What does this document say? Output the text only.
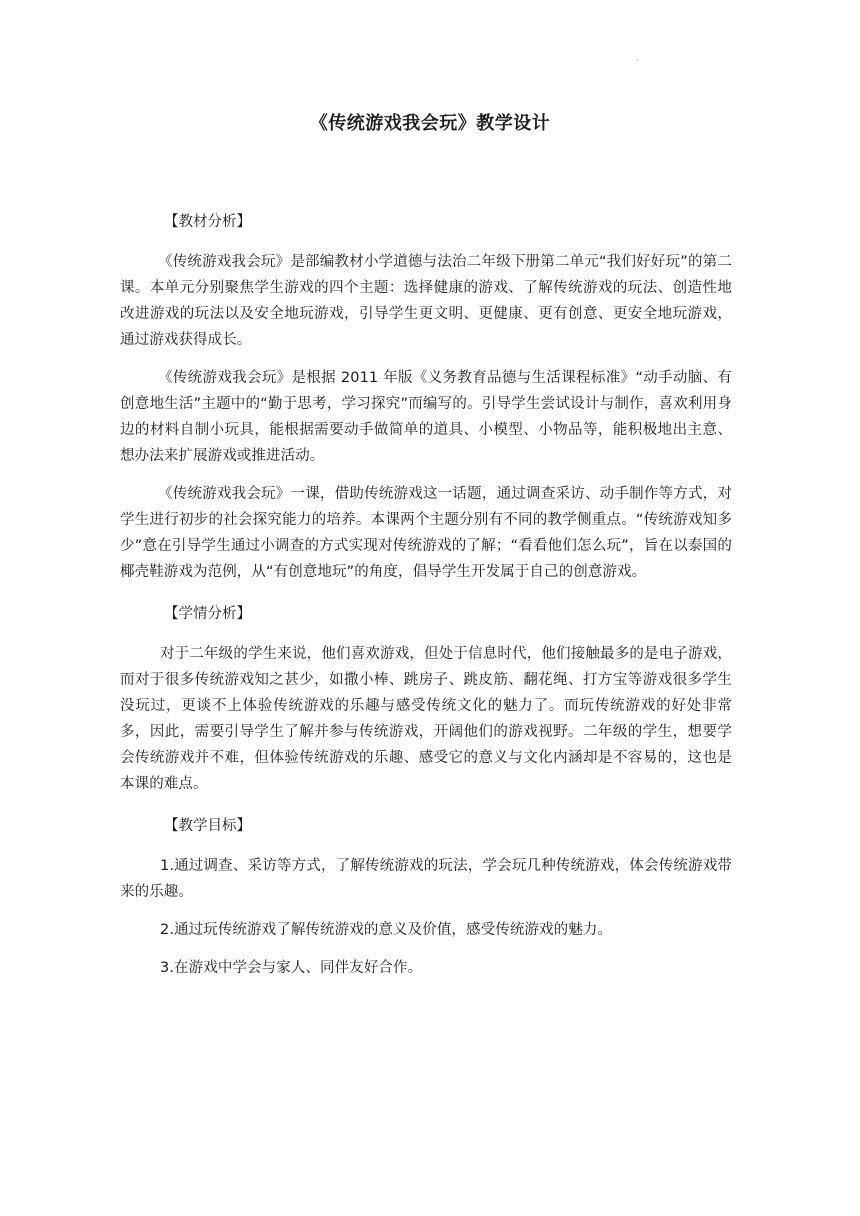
·
《传统游戏我会玩》教学设计

【教材分析】

《传统游戏我会玩》是部编教材小学道德与法治二年级下册第二单元“我们好好玩”的第二课。本单元分别聚焦学生游戏的四个主题：选择健康的游戏、了解传统游戏的玩法、创造性地改进游戏的玩法以及安全地玩游戏，引导学生更文明、更健康、更有创意、更安全地玩游戏，通过游戏获得成长。

《传统游戏我会玩》是根据 2011 年版《义务教育品德与生活课程标准》“动手动脑、有创意地生活”主题中的“勤于思考，学习探究”而编写的。引导学生尝试设计与制作，喜欢利用身边的材料自制小玩具，能根据需要动手做简单的道具、小模型、小物品等，能积极地出主意、想办法来扩展游戏或推进活动。

《传统游戏我会玩》一课，借助传统游戏这一话题，通过调查采访、动手制作等方式，对学生进行初步的社会探究能力的培养。本课两个主题分别有不同的教学侧重点。“传统游戏知多少”意在引导学生通过小调查的方式实现对传统游戏的了解；“看看他们怎么玩”，旨在以泰国的椰壳鞋游戏为范例，从“有创意地玩”的角度，倡导学生开发属于自己的创意游戏。

【学情分析】

对于二年级的学生来说，他们喜欢游戏，但处于信息时代，他们接触最多的是电子游戏，而对于很多传统游戏知之甚少，如撒小棒、跳房子、跳皮筋、翻花绳、打方宝等游戏很多学生没玩过，更谈不上体验传统游戏的乐趣与感受传统文化的魅力了。而玩传统游戏的好处非常多，因此，需要引导学生了解并参与传统游戏，开阔他们的游戏视野。二年级的学生，想要学会传统游戏并不难，但体验传统游戏的乐趣、感受它的意义与文化内涵却是不容易的，这也是本课的难点。

【教学目标】

1.通过调查、采访等方式，了解传统游戏的玩法，学会玩几种传统游戏，体会传统游戏带来的乐趣。

2.通过玩传统游戏了解传统游戏的意义及价值，感受传统游戏的魅力。

3.在游戏中学会与家人、同伴友好合作。
